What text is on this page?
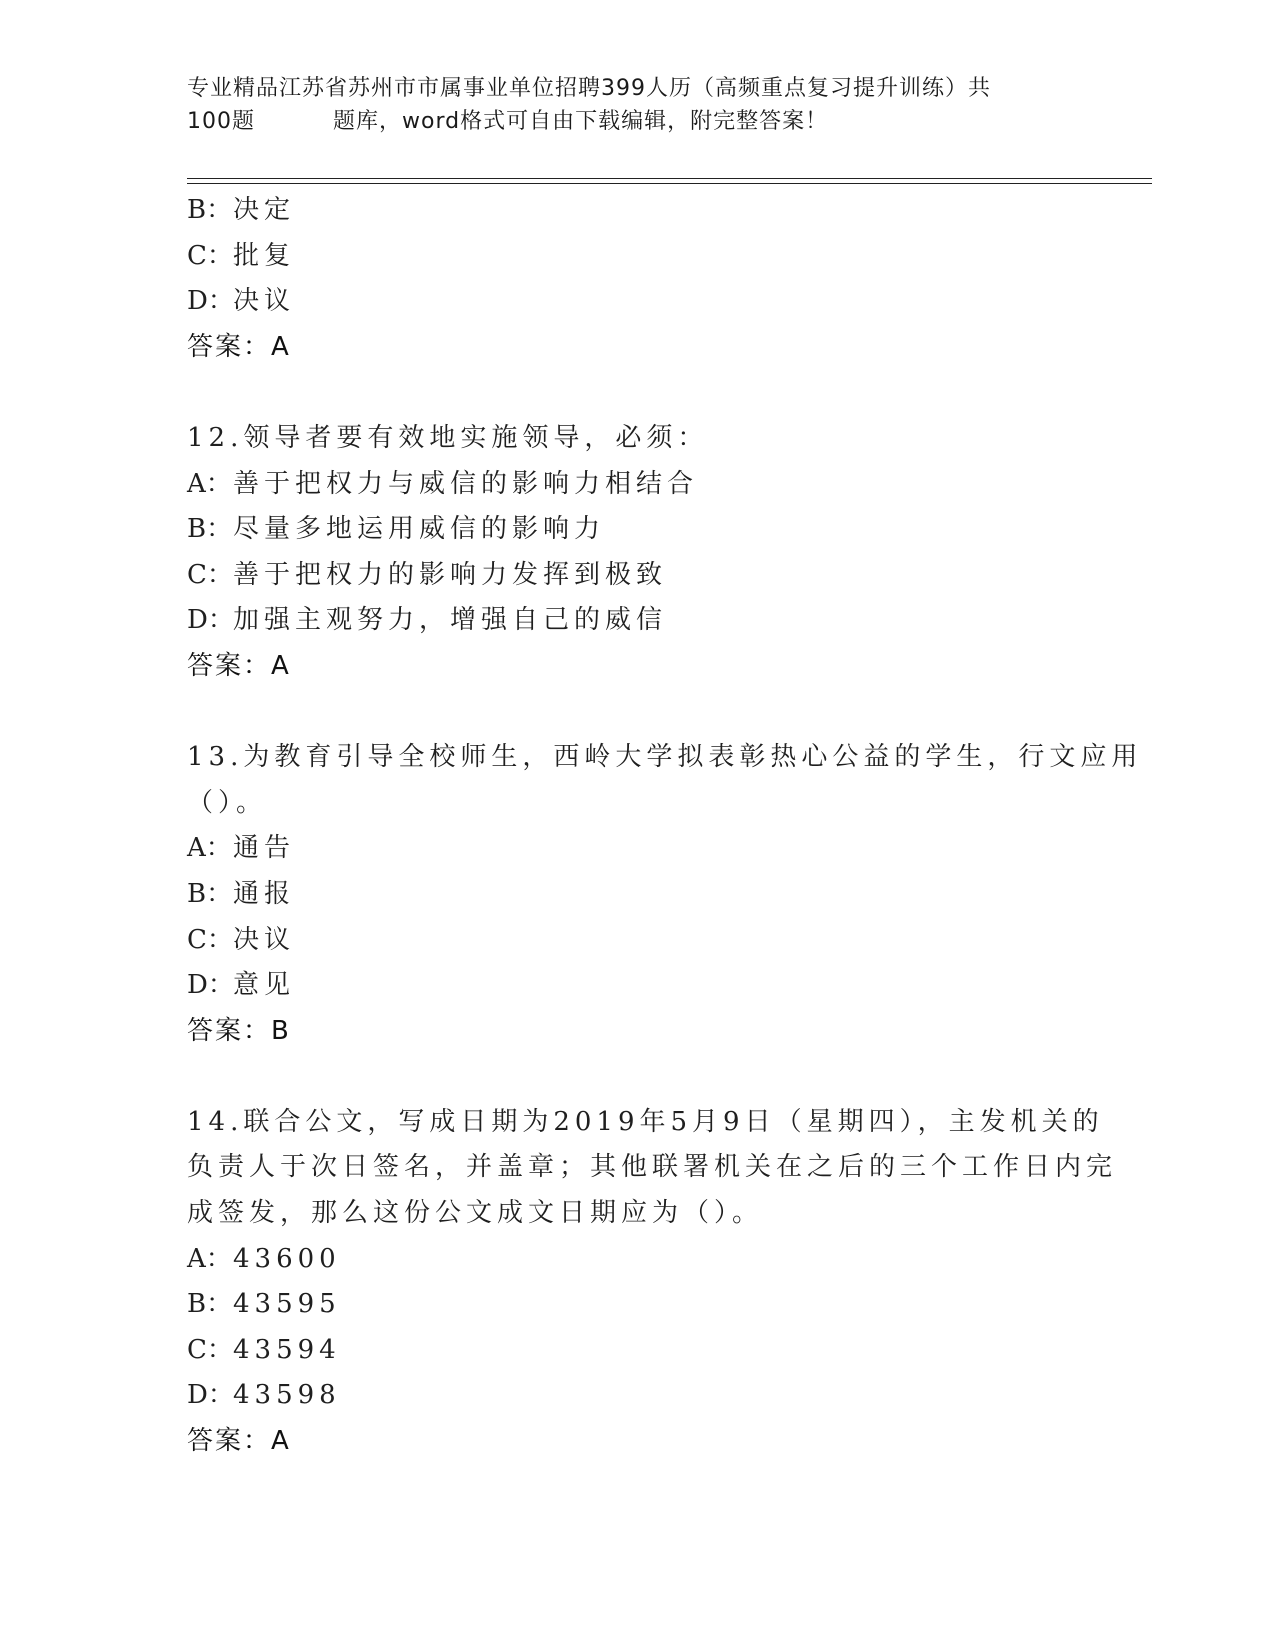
专业精品江苏省苏州市市属事业单位招聘399人历（高频重点复习提升训练）共
100题	题库，word格式可自由下载编辑，附完整答案！
B：决定
C：批复
D：决议
答案：A
12.领导者要有效地实施领导，必须：
A：善于把权力与威信的影响力相结合
B：尽量多地运用威信的影响力
C：善于把权力的影响力发挥到极致
D：加强主观努力，增强自己的威信
答案：A
13.为教育引导全校师生，西岭大学拟表彰热心公益的学生，行文应用
（）。
A：通告
B：通报
C：决议
D：意见
答案：B
14.联合公文，写成日期为2019年5月9日（星期四），主发机关的
负责人于次日签名，并盖章；其他联署机关在之后的三个工作日内完
成签发，那么这份公文成文日期应为（）。
A：43600
B：43595
C：43594
D：43598
答案：A
